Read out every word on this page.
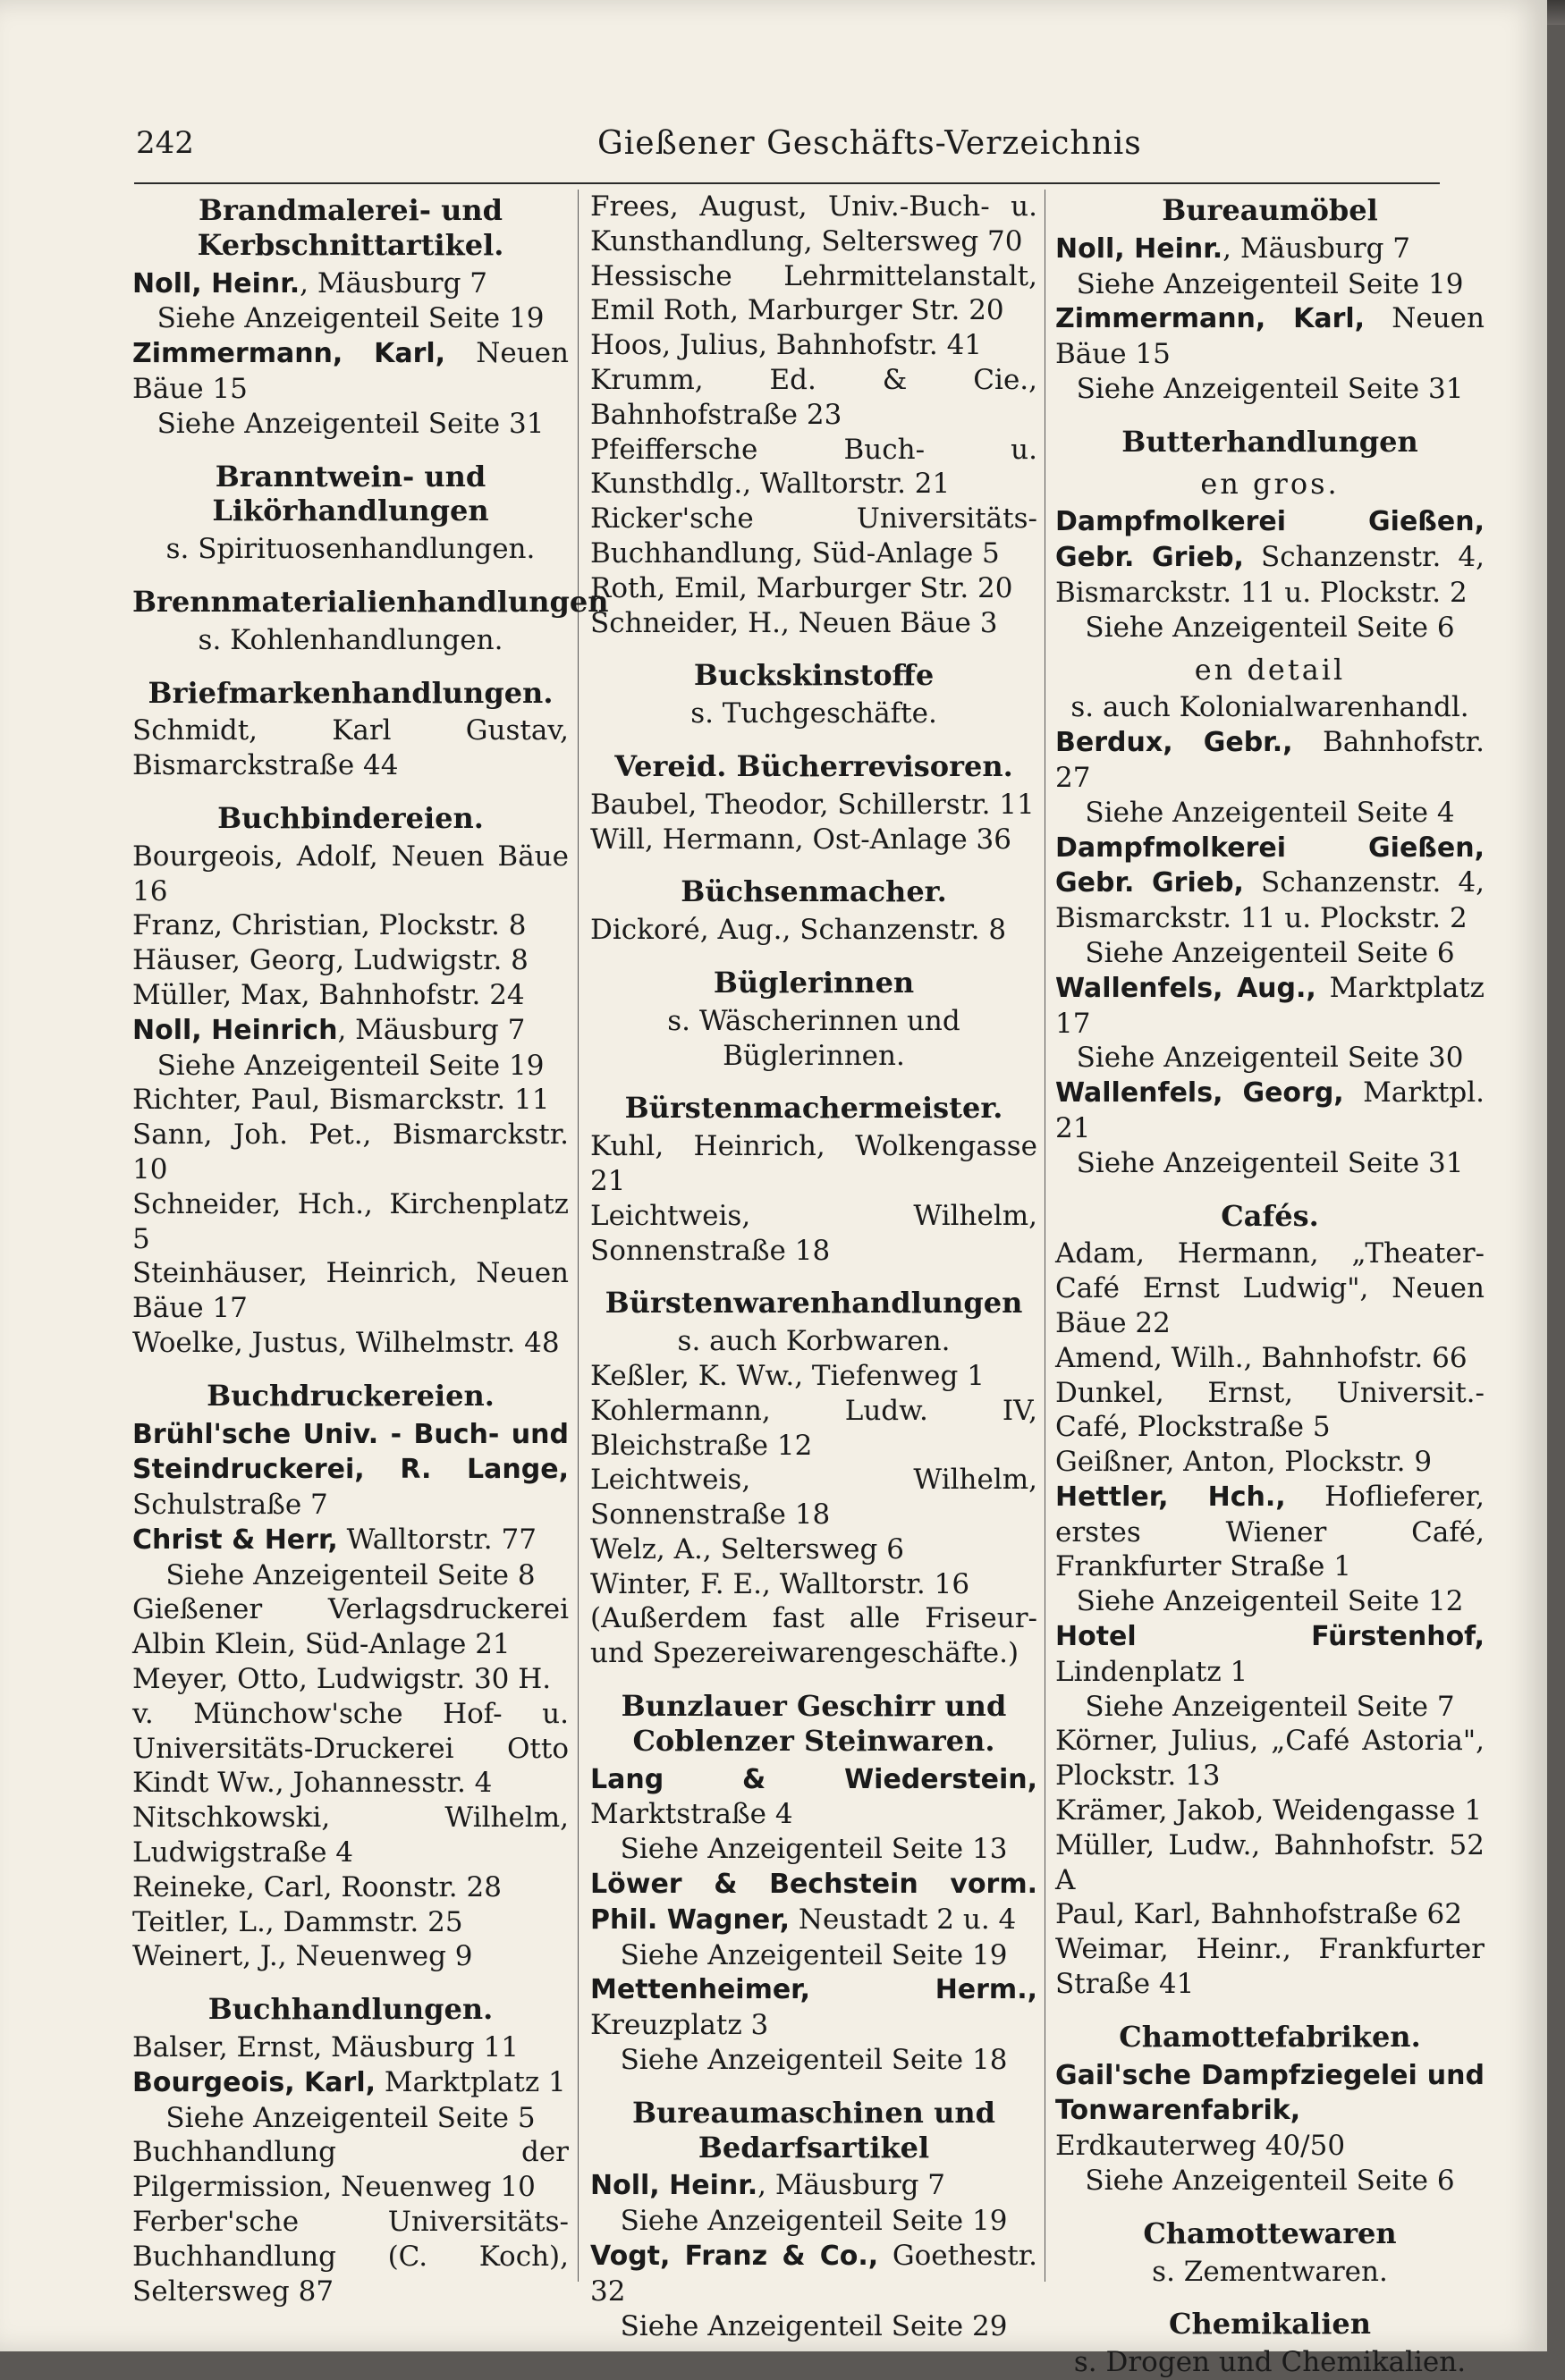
242	Gießener Geschäfts-Verzeichnis
Brandmalerei- und Kerbschnittartikel.
Noll, Heinr., Mäusburg 7
Siehe Anzeigenteil Seite 19
Zimmermann, Karl, Neuen Bäue 15
Siehe Anzeigenteil Seite 31
Branntwein- und Likörhandlungen
s. Spirituosenhandlungen.
Brennmaterialienhandlungen
s. Kohlenhandlungen.
Briefmarkenhandlungen.
Schmidt, Karl Gustav, Bismarckstraße 44
Buchbindereien.
Bourgeois, Adolf, Neuen Bäue 16
Franz, Christian, Plockstr. 8
Häuser, Georg, Ludwigstr. 8
Müller, Max, Bahnhofstr. 24
Noll, Heinrich, Mäusburg 7
Siehe Anzeigenteil Seite 19
Richter, Paul, Bismarckstr. 11
Sann, Joh. Pet., Bismarckstr. 10
Schneider, Hch., Kirchenplatz 5
Steinhäuser, Heinrich, Neuen Bäue 17
Woelke, Justus, Wilhelmstr. 48
Buchdruckereien.
Brühl'sche Univ. - Buch- und Steindruckerei, R. Lange, Schulstraße 7
Christ & Herr, Walltorstr. 77
Siehe Anzeigenteil Seite 8
Gießener Verlagsdruckerei Albin Klein, Süd-Anlage 21
Meyer, Otto, Ludwigstr. 30 H.
v. Münchow'sche Hof- u. Universitäts-Druckerei Otto Kindt Ww., Johannesstr. 4
Nitschkowski, Wilhelm, Ludwigstraße 4
Reineke, Carl, Roonstr. 28
Teitler, L., Dammstr. 25
Weinert, J., Neuenweg 9
Buchhandlungen.
Balser, Ernst, Mäusburg 11
Bourgeois, Karl, Marktplatz 1
Siehe Anzeigenteil Seite 5
Buchhandlung der Pilgermission, Neuenweg 10
Ferber'sche Universitäts-Buchhandlung (C. Koch), Seltersweg 87
Frees, August, Univ.-Buch- u. Kunsthandlung, Seltersweg 70
Hessische Lehrmittelanstalt, Emil Roth, Marburger Str. 20
Hoos, Julius, Bahnhofstr. 41
Krumm, Ed. & Cie., Bahnhofstraße 23
Pfeiffersche Buch- u. Kunsthdlg., Walltorstr. 21
Ricker'sche Universitäts-Buchhandlung, Süd-Anlage 5
Roth, Emil, Marburger Str. 20
Schneider, H., Neuen Bäue 3
Buckskinstoffe
s. Tuchgeschäfte.
Vereid. Bücherrevisoren.
Baubel, Theodor, Schillerstr. 11
Will, Hermann, Ost-Anlage 36
Büchsenmacher.
Dickoré, Aug., Schanzenstr. 8
Büglerinnen
s. Wäscherinnen und Büglerinnen.
Bürstenmachermeister.
Kuhl, Heinrich, Wolkengasse 21
Leichtweis, Wilhelm, Sonnenstraße 18
Bürstenwarenhandlungen
s. auch Korbwaren.
Keßler, K. Ww., Tiefenweg 1
Kohlermann, Ludw. IV, Bleichstraße 12
Leichtweis, Wilhelm, Sonnenstraße 18
Welz, A., Seltersweg 6
Winter, F. E., Walltorstr. 16
(Außerdem fast alle Friseur- und Spezereiwarengeschäfte.)
Bunzlauer Geschirr und Coblenzer Steinwaren.
Lang & Wiederstein, Marktstraße 4
Siehe Anzeigenteil Seite 13
Löwer & Bechstein vorm. Phil. Wagner, Neustadt 2 u. 4
Siehe Anzeigenteil Seite 19
Mettenheimer, Herm., Kreuzplatz 3
Siehe Anzeigenteil Seite 18
Bureaumaschinen und Bedarfsartikel
Noll, Heinr., Mäusburg 7
Siehe Anzeigenteil Seite 19
Vogt, Franz & Co., Goethestr. 32
Siehe Anzeigenteil Seite 29
Bureaumöbel
Noll, Heinr., Mäusburg 7
Siehe Anzeigenteil Seite 19
Zimmermann, Karl, Neuen Bäue 15
Siehe Anzeigenteil Seite 31
Butterhandlungen
en gros.
Dampfmolkerei Gießen, Gebr. Grieb, Schanzenstr. 4, Bismarckstr. 11 u. Plockstr. 2
Siehe Anzeigenteil Seite 6
en detail
s. auch Kolonialwarenhandl.
Berdux, Gebr., Bahnhofstr. 27
Siehe Anzeigenteil Seite 4
Dampfmolkerei Gießen, Gebr. Grieb, Schanzenstr. 4, Bismarckstr. 11 u. Plockstr. 2
Siehe Anzeigenteil Seite 6
Wallenfels, Aug., Marktplatz 17
Siehe Anzeigenteil Seite 30
Wallenfels, Georg, Marktpl. 21
Siehe Anzeigenteil Seite 31
Cafés.
Adam, Hermann, „Theater-Café Ernst Ludwig", Neuen Bäue 22
Amend, Wilh., Bahnhofstr. 66
Dunkel, Ernst, Universit.-Café, Plockstraße 5
Geißner, Anton, Plockstr. 9
Hettler, Hch., Hoflieferer, erstes Wiener Café, Frankfurter Straße 1
Siehe Anzeigenteil Seite 12
Hotel Fürstenhof, Lindenplatz 1
Siehe Anzeigenteil Seite 7
Körner, Julius, „Café Astoria", Plockstr. 13
Krämer, Jakob, Weidengasse 1
Müller, Ludw., Bahnhofstr. 52 A
Paul, Karl, Bahnhofstraße 62
Weimar, Heinr., Frankfurter Straße 41
Chamottefabriken.
Gail'sche Dampfziegelei und Tonwarenfabrik, Erdkauterweg 40/50
Siehe Anzeigenteil Seite 6
Chamottewaren
s. Zementwaren.
Chemikalien
s. Drogen und Chemikalien.
